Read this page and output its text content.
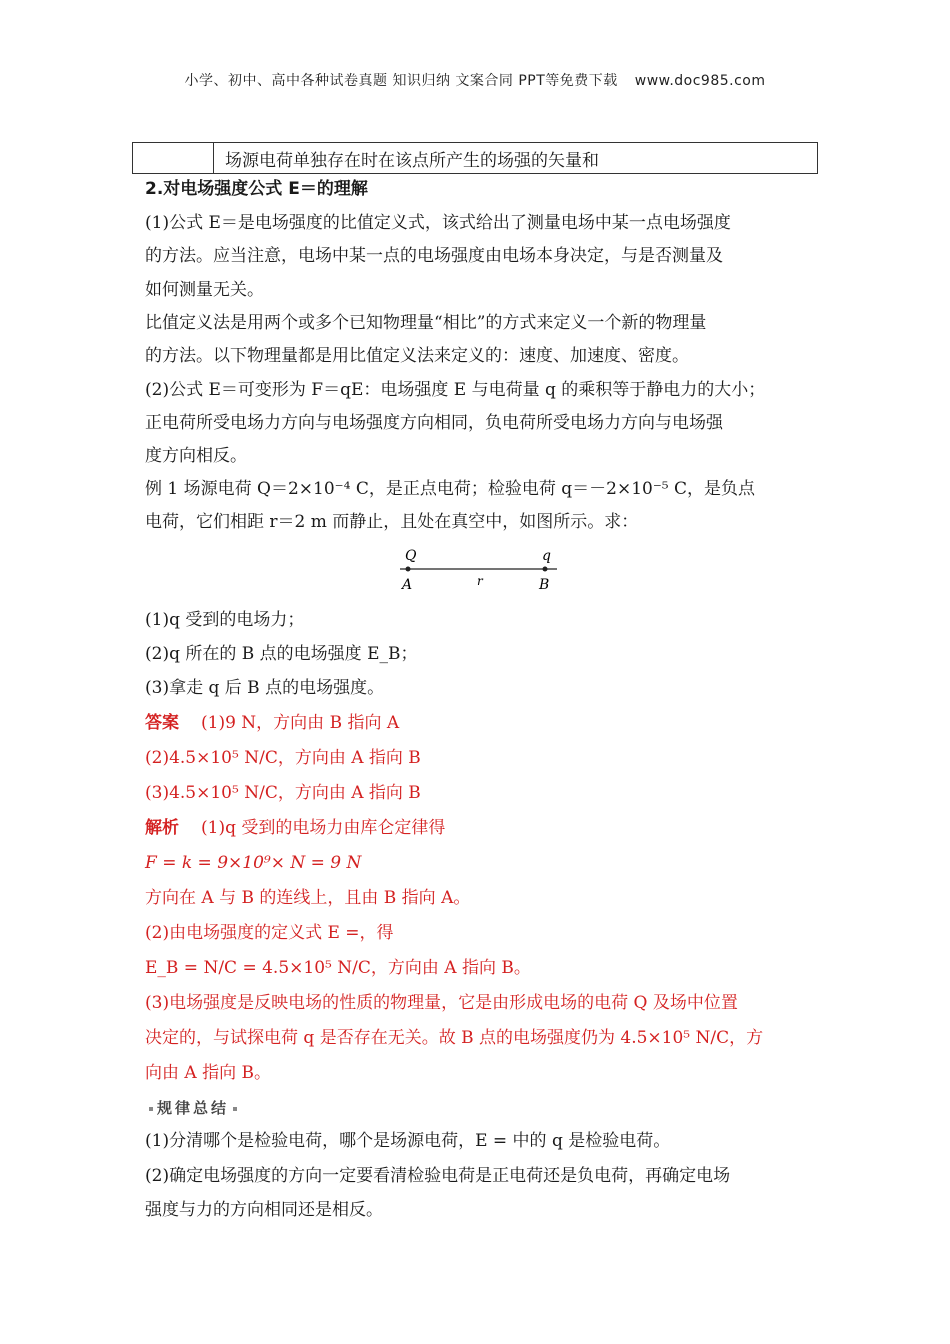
小学、初中、高中各种试卷真题 知识归纳 文案合同 PPT等免费下载 www.doc985.com
场源电荷单独存在时在该点所产生的场强的矢量和
2.对电场强度公式 E＝的理解
(1)公式 E＝是电场强度的比值定义式，该式给出了测量电场中某一点电场强度
的方法。应当注意，电场中某一点的电场强度由电场本身决定，与是否测量及
如何测量无关。
比值定义法是用两个或多个已知物理量“相比”的方式来定义一个新的物理量
的方法。以下物理量都是用比值定义法来定义的：速度、加速度、密度。
(2)公式 E＝可变形为 F＝qE：电场强度 E 与电荷量 q 的乘积等于静电力的大小；
正电荷所受电场力方向与电场强度方向相同，负电荷所受电场力方向与电场强
度方向相反。
例 1 场源电荷 Q＝2×10⁻⁴ C，是正点电荷；检验电荷 q＝－2×10⁻⁵ C，是负点
电荷，它们相距 r＝2 m 而静止，且处在真空中，如图所示。求：
Q	q
A	r	B
(1)q 受到的电场力；
(2)q 所在的 B 点的电场强度 E_B；
(3)拿走 q 后 B 点的电场强度。
答案 (1)9 N，方向由 B 指向 A
(2)4.5×10⁵ N/C，方向由 A 指向 B
(3)4.5×10⁵ N/C，方向由 A 指向 B
解析 (1)q 受到的电场力由库仑定律得
F = k = 9×10⁹× N = 9 N
方向在 A 与 B 的连线上，且由 B 指向 A。
(2)由电场强度的定义式 E =，得
E_B = N/C = 4.5×10⁵ N/C，方向由 A 指向 B。
(3)电场强度是反映电场的性质的物理量，它是由形成电场的电荷 Q 及场中位置
决定的，与试探电荷 q 是否存在无关。故 B 点的电场强度仍为 4.5×10⁵ N/C，方
向由 A 指向 B。
规律总结
(1)分清哪个是检验电荷，哪个是场源电荷，E = 中的 q 是检验电荷。
(2)确定电场强度的方向一定要看清检验电荷是正电荷还是负电荷，再确定电场
强度与力的方向相同还是相反。
